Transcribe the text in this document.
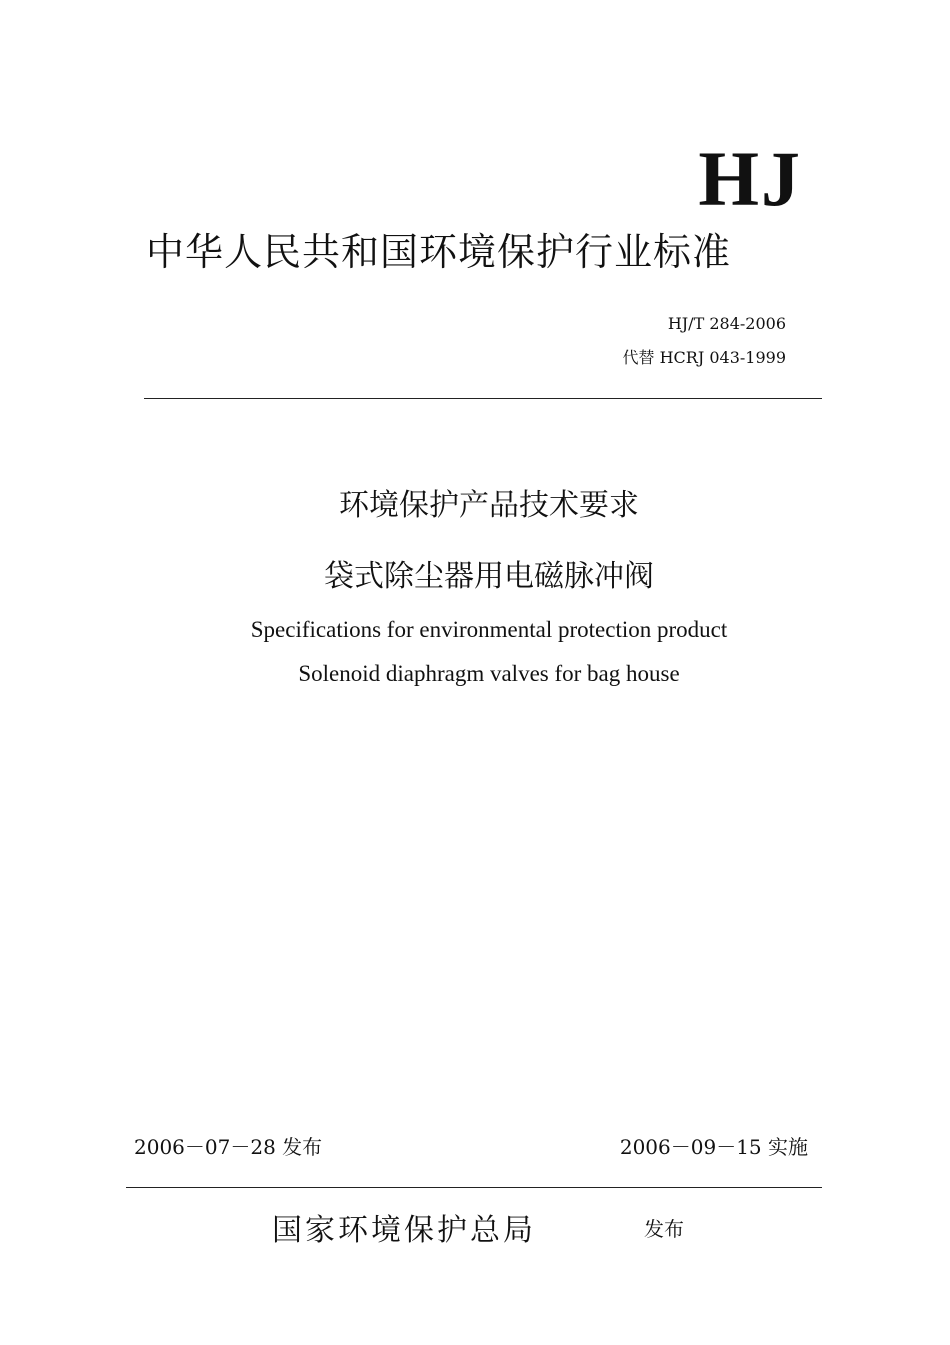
HJ
中华人民共和国环境保护行业标准
HJ/T 284-2006
代替 HCRJ 043-1999
环境保护产品技术要求
袋式除尘器用电磁脉冲阀
Specifications for environmental protection product
Solenoid diaphragm valves for bag house
2006－07－28 发布	2006－09－15 实施
国家环境保护总局	发布
